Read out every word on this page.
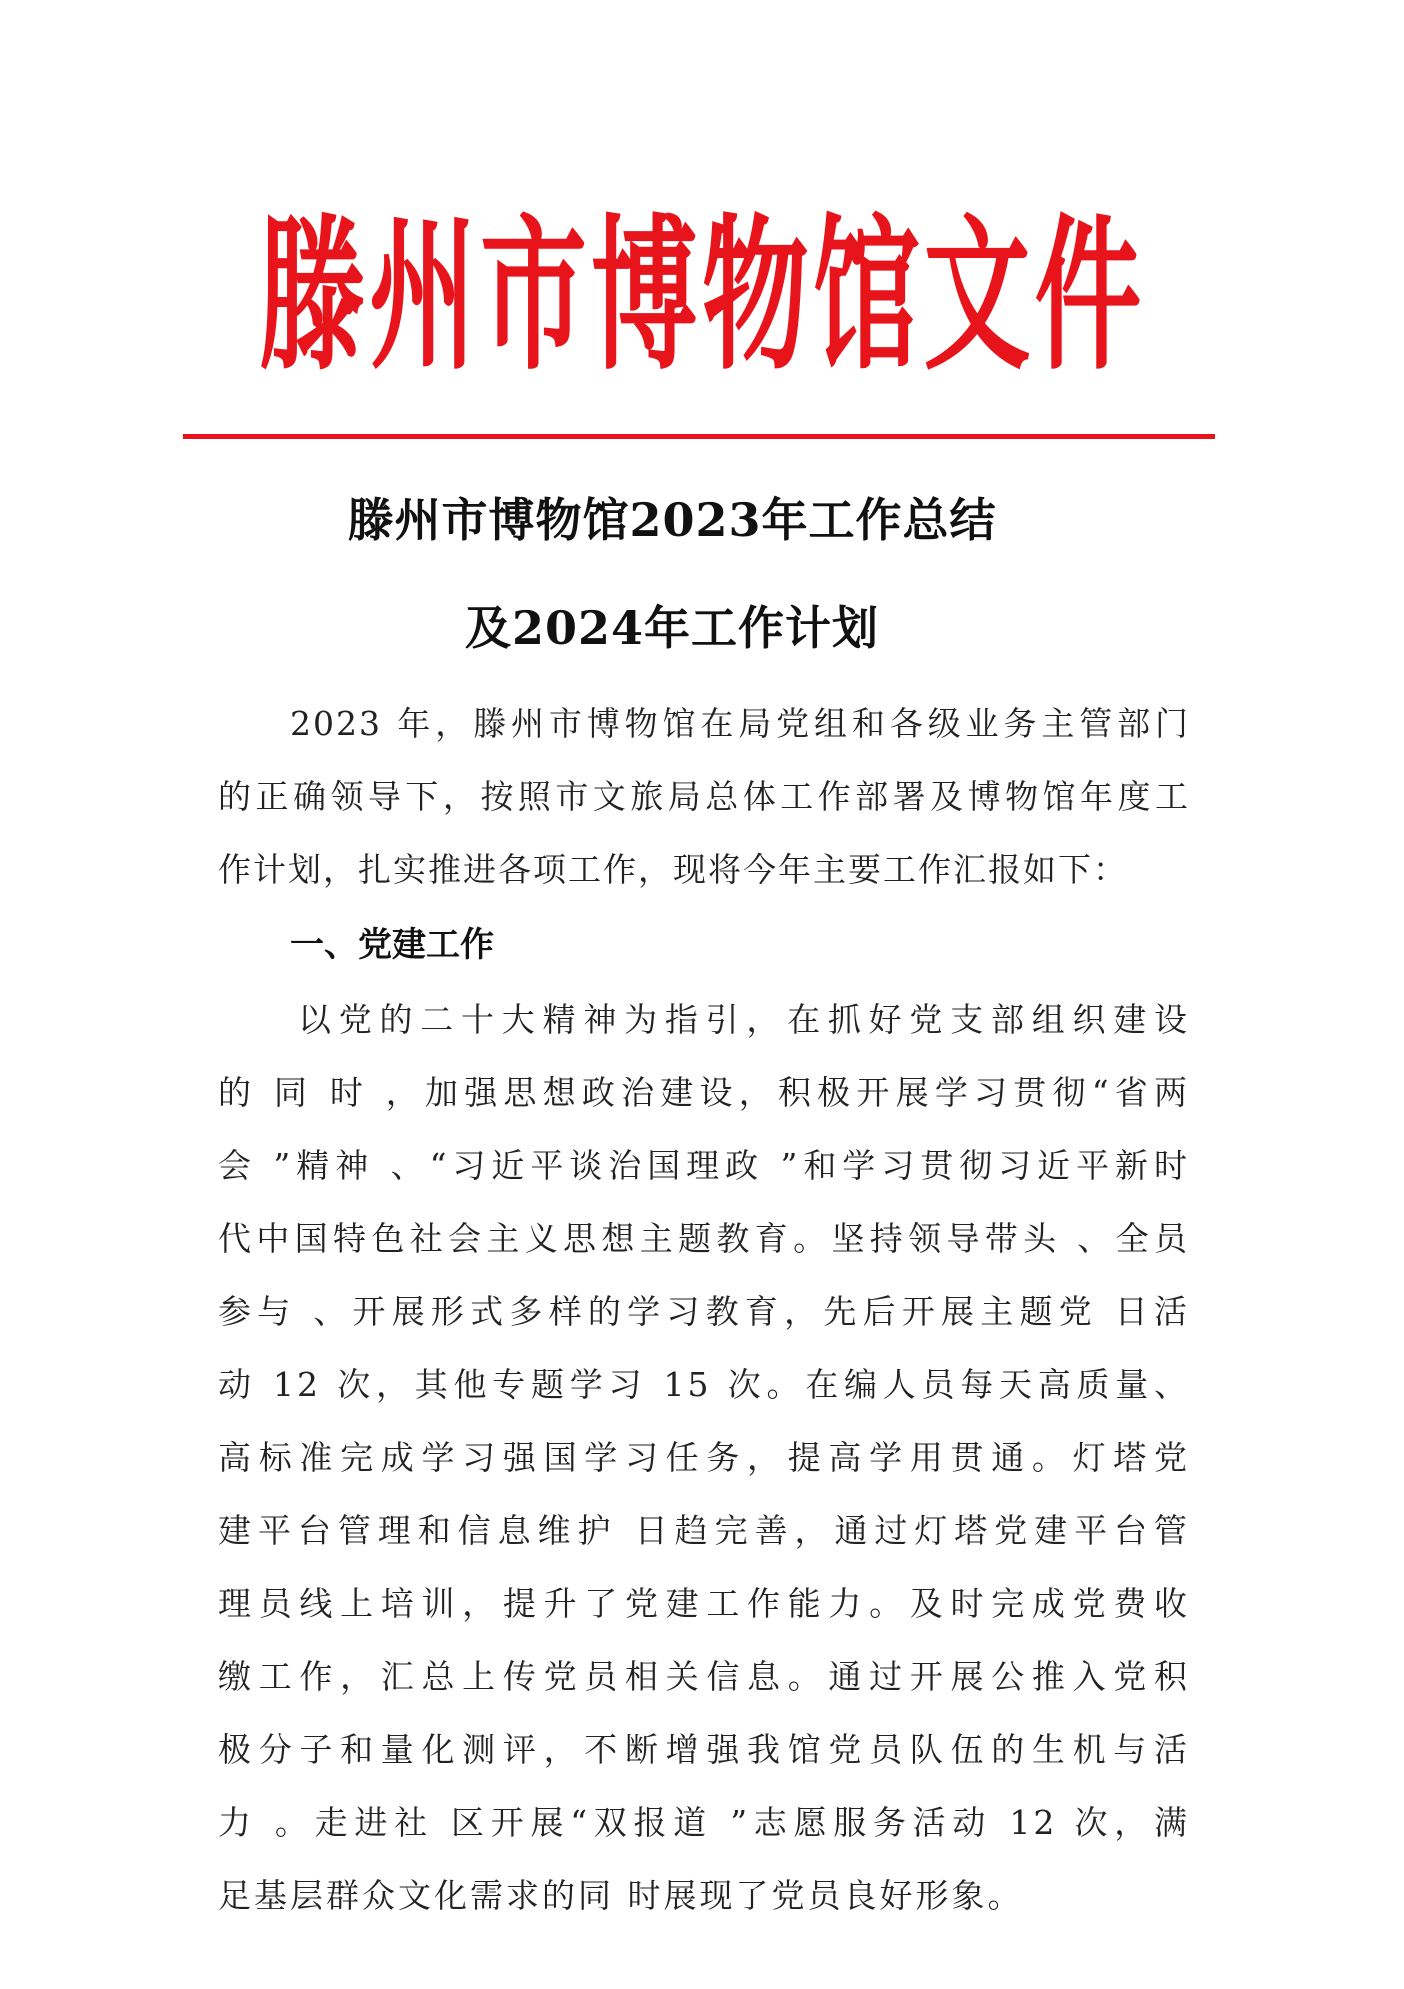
滕州市博物馆文件
滕州市博物馆2023年工作总结
及2024年工作计划
2023 年，滕州市博物馆在局党组和各级业务主管部门
的正确领导下，按照市文旅局总体工作部署及博物馆年度工
作计划，扎实推进各项工作，现将今年主要工作汇报如下：
一、党建工作
以党的二十大精神为指引，在抓好党支部组织建设
的 同 时 ，加强思想政治建设，积极开展学习贯彻“省两
会 ”精神 、“习近平谈治国理政 ”和学习贯彻习近平新时
代中国特色社会主义思想主题教育。坚持领导带头 、全员
参与 、开展形式多样的学习教育，先后开展主题党 日活
动 12 次，其他专题学习 15 次。在编人员每天高质量、
高标准完成学习强国学习任务，提高学用贯通。灯塔党
建平台管理和信息维护 日趋完善，通过灯塔党建平台管
理员线上培训，提升了党建工作能力。及时完成党费收
缴工作，汇总上传党员相关信息。通过开展公推入党积
极分子和量化测评，不断增强我馆党员队伍的生机与活
力 。走进社 区开展“双报道 ”志愿服务活动 12 次，满
足基层群众文化需求的同 时展现了党员良好形象。
